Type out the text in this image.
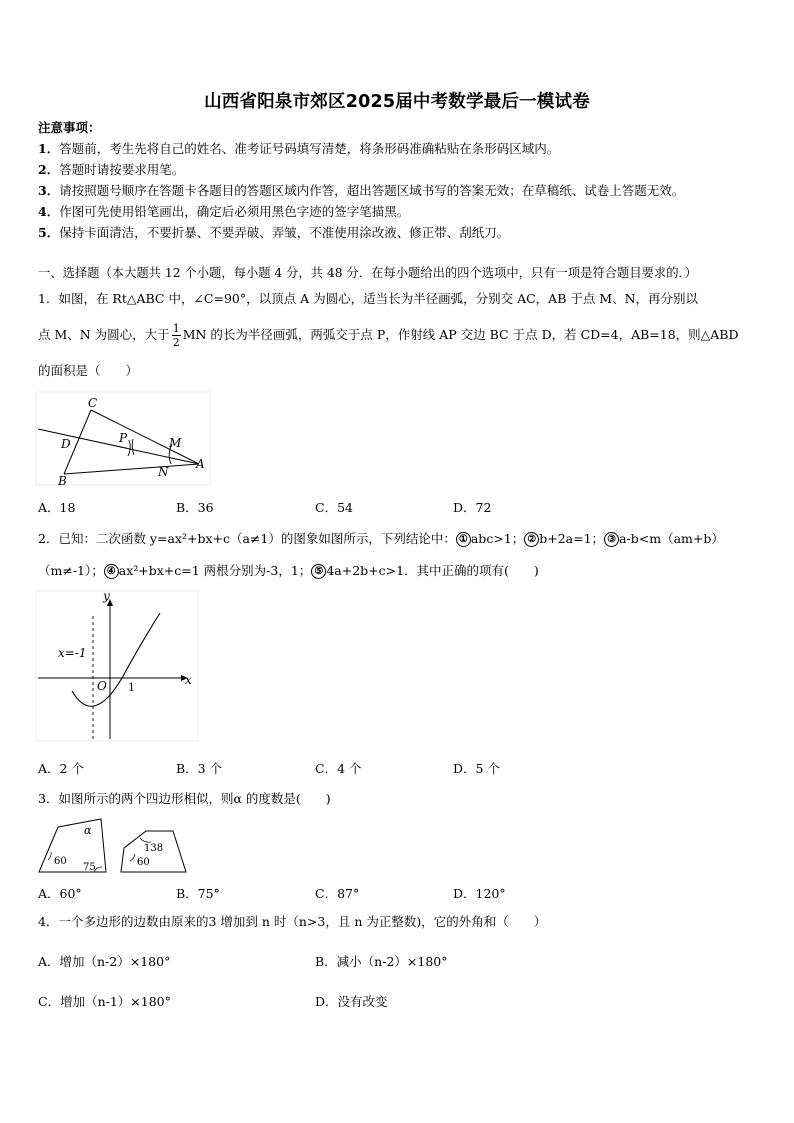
山西省阳泉市郊区2025届中考数学最后一模试卷
注意事项：
1．答题前，考生先将自己的姓名、准考证号码填写清楚，将条形码准确粘贴在条形码区域内。
2．答题时请按要求用笔。
3．请按照题号顺序在答题卡各题目的答题区域内作答，超出答题区域书写的答案无效；在草稿纸、试卷上答题无效。
4．作图可先使用铅笔画出，确定后必须用黑色字迹的签字笔描黑。
5．保持卡面清洁，不要折暴、不要弄破、弄皱，不准使用涂改液、修正带、刮纸刀。
一、选择题（本大题共 12 个小题，每小题 4 分，共 48 分．在每小题给出的四个选项中，只有一项是符合题目要求的．）
1．如图，在 Rt△ABC 中，∠C=90°，以顶点 A 为圆心，适当长为半径画弧，分别交 AC，AB 于点 M、N，再分别以
点 M、N 为圆心，大于 $\frac{1}{2}$ MN 的长为半径画弧，两弧交于点 P，作射线 AP 交边 BC 于点 D，若 CD=4，AB=18，则△ABD
的面积是（　　）
C
D	P	M
B
N
A
A．18	B．36	C．54	D．72
2．已知：二次函数 y=ax²+bx+c（a≠1）的图象如图所示，下列结论中： ① abc>1； ② b+2a=1； ③ a-b<m（am+b）
（m≠-1）； ④ ax²+bx+c=1 两根分别为-3，1； ⑤ 4a+2b+c>1．其中正确的项有(　　)
y
x
x=-1
O 1
A．2 个	B．3 个	C．4 个	D．5 个
3．如图所示的两个四边形相似，则α 的度数是(　　)
α
60
75
138
60
A．60°	B．75°	C．87°	D．120°
4．一个多边形的边数由原来的3 增加到 n 时（n>3，且 n 为正整数)，它的外角和（　　）
A．增加（n-2）×180°	B．减小（n-2）×180°
C．增加（n-1）×180°	D．没有改变
